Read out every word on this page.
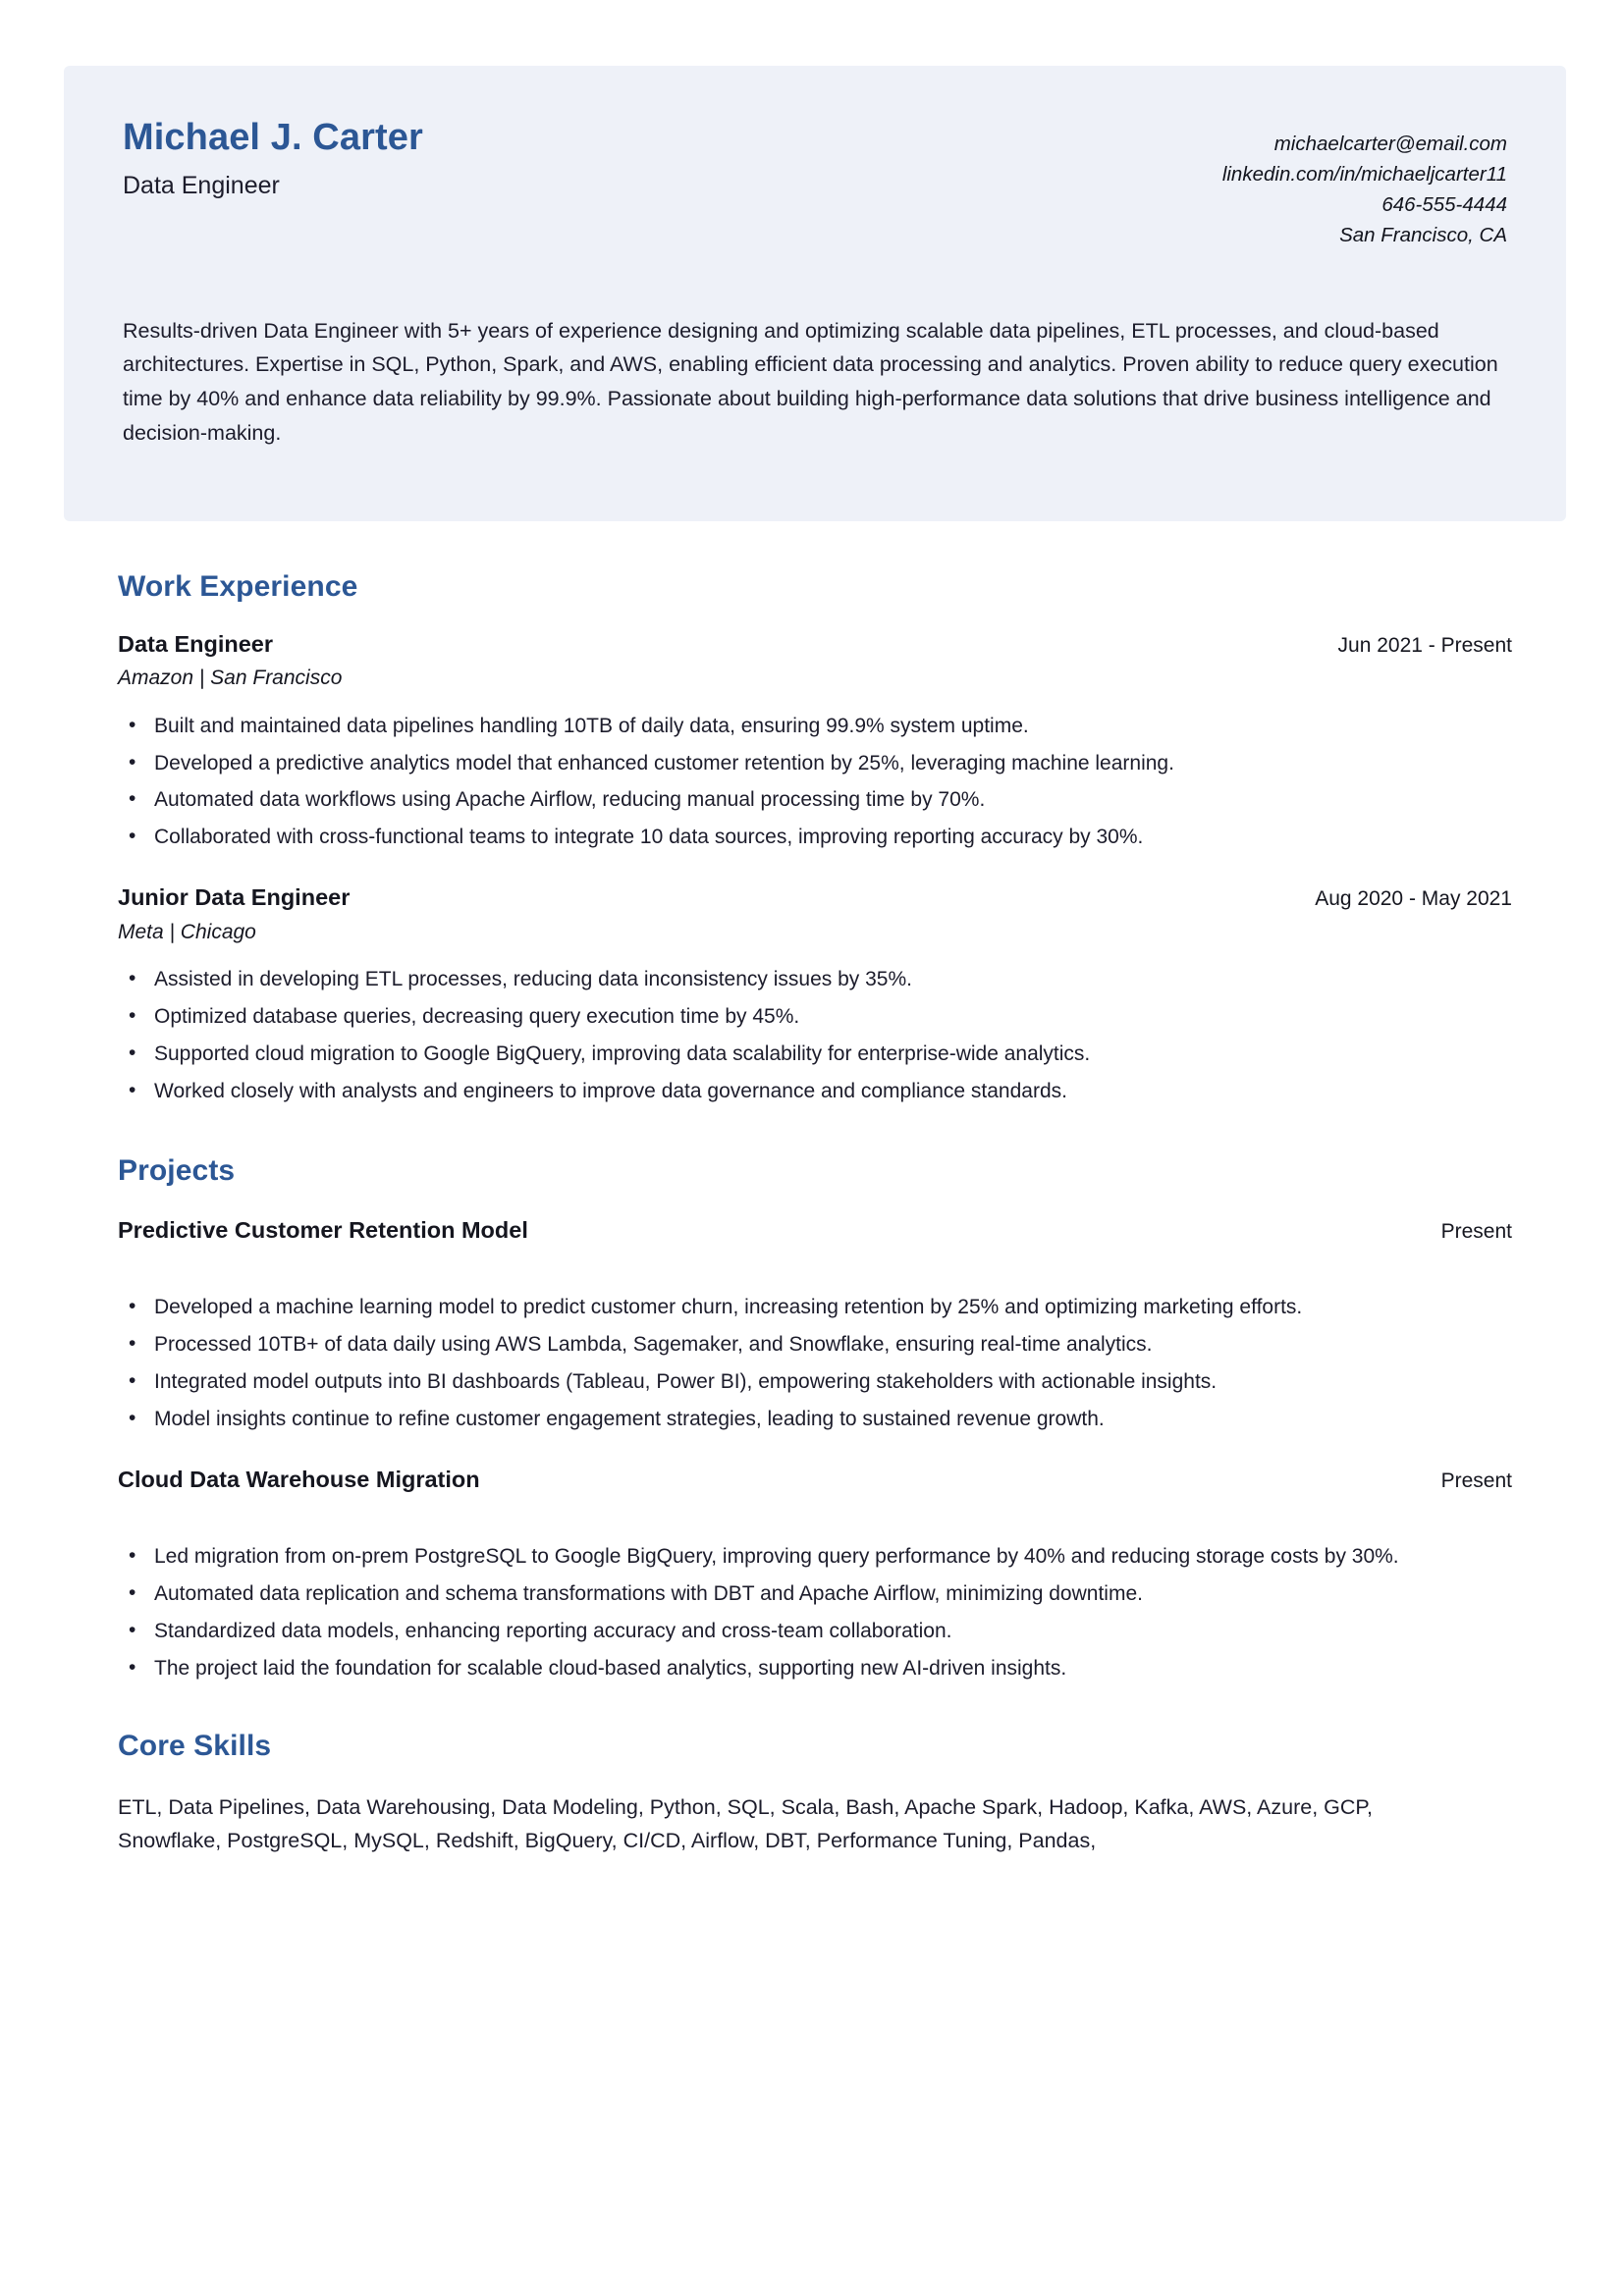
Michael J. Carter
Data Engineer
michaelcarter@email.com
linkedin.com/in/michaeljcarter11
646-555-4444
San Francisco, CA
Results-driven Data Engineer with 5+ years of experience designing and optimizing scalable data pipelines, ETL processes, and cloud-based architectures. Expertise in SQL, Python, Spark, and AWS, enabling efficient data processing and analytics. Proven ability to reduce query execution time by 40% and enhance data reliability by 99.9%. Passionate about building high-performance data solutions that drive business intelligence and decision-making.
Work Experience
Data Engineer	Jun 2021 - Present
Amazon | San Francisco
• Built and maintained data pipelines handling 10TB of daily data, ensuring 99.9% system uptime.
• Developed a predictive analytics model that enhanced customer retention by 25%, leveraging machine learning.
• Automated data workflows using Apache Airflow, reducing manual processing time by 70%.
• Collaborated with cross-functional teams to integrate 10 data sources, improving reporting accuracy by 30%.
Junior Data Engineer	Aug 2020 - May 2021
Meta | Chicago
• Assisted in developing ETL processes, reducing data inconsistency issues by 35%.
• Optimized database queries, decreasing query execution time by 45%.
• Supported cloud migration to Google BigQuery, improving data scalability for enterprise-wide analytics.
• Worked closely with analysts and engineers to improve data governance and compliance standards.
Projects
Predictive Customer Retention Model	Present
• Developed a machine learning model to predict customer churn, increasing retention by 25% and optimizing marketing efforts.
• Processed 10TB+ of data daily using AWS Lambda, Sagemaker, and Snowflake, ensuring real-time analytics.
• Integrated model outputs into BI dashboards (Tableau, Power BI), empowering stakeholders with actionable insights.
• Model insights continue to refine customer engagement strategies, leading to sustained revenue growth.
Cloud Data Warehouse Migration	Present
• Led migration from on-prem PostgreSQL to Google BigQuery, improving query performance by 40% and reducing storage costs by 30%.
• Automated data replication and schema transformations with DBT and Apache Airflow, minimizing downtime.
• Standardized data models, enhancing reporting accuracy and cross-team collaboration.
• The project laid the foundation for scalable cloud-based analytics, supporting new AI-driven insights.
Core Skills
ETL, Data Pipelines, Data Warehousing, Data Modeling, Python, SQL, Scala, Bash, Apache Spark, Hadoop, Kafka, AWS, Azure, GCP, Snowflake, PostgreSQL, MySQL, Redshift, BigQuery, CI/CD, Airflow, DBT, Performance Tuning, Pandas,
